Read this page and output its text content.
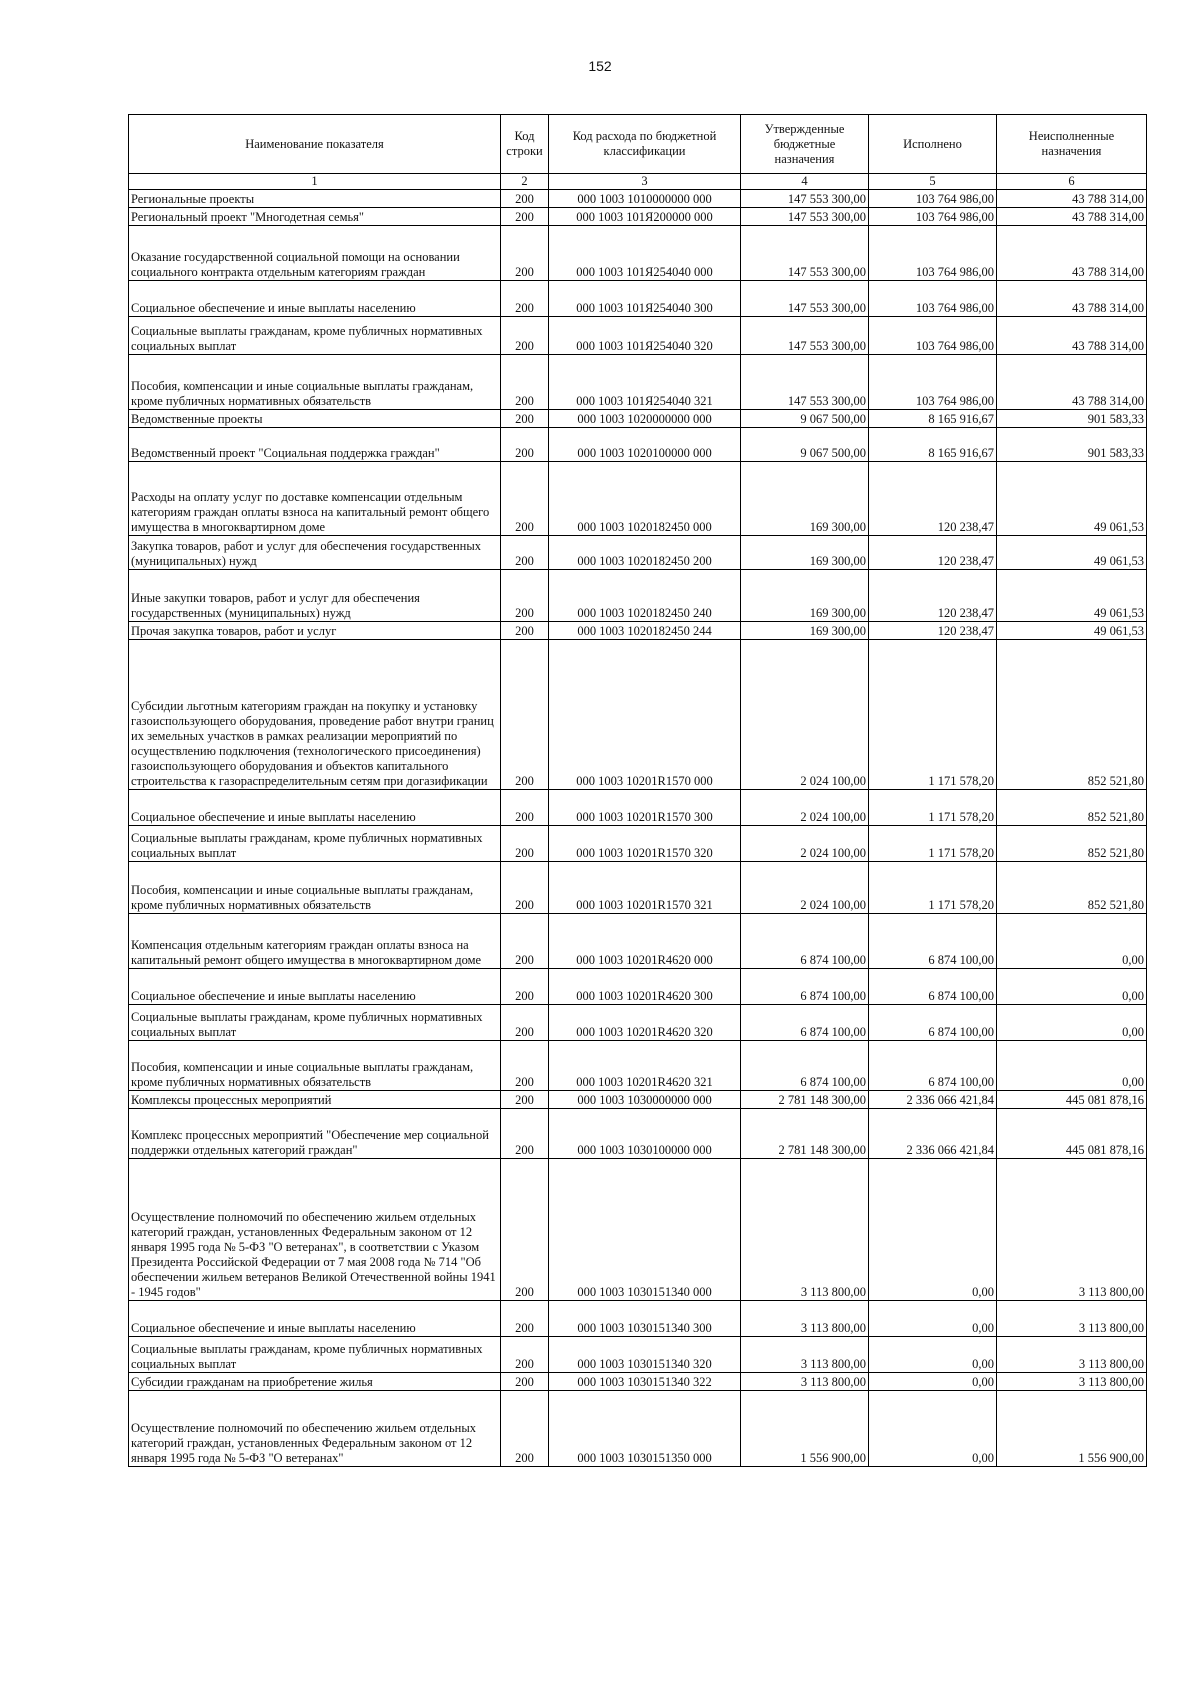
152
Наименование показателя	Код строки	Код расхода по бюджетной классификации	Утвержденные бюджетные назначения	Исполнено	Неисполненные назначения
1	2	3	4	5	6
Региональные проекты	200	000 1003 1010000000 000	147 553 300,00	103 764 986,00	43 788 314,00
Региональный проект "Многодетная семья"	200	000 1003 101Я200000 000	147 553 300,00	103 764 986,00	43 788 314,00
Оказание государственной социальной помощи на основании социального контракта отдельным категориям граждан	200	000 1003 101Я254040 000	147 553 300,00	103 764 986,00	43 788 314,00
Социальное обеспечение и иные выплаты населению	200	000 1003 101Я254040 300	147 553 300,00	103 764 986,00	43 788 314,00
Социальные выплаты гражданам, кроме публичных нормативных социальных выплат	200	000 1003 101Я254040 320	147 553 300,00	103 764 986,00	43 788 314,00
Пособия, компенсации и иные социальные выплаты гражданам, кроме публичных нормативных обязательств	200	000 1003 101Я254040 321	147 553 300,00	103 764 986,00	43 788 314,00
Ведомственные проекты	200	000 1003 1020000000 000	9 067 500,00	8 165 916,67	901 583,33
Ведомственный проект "Социальная поддержка граждан"	200	000 1003 1020100000 000	9 067 500,00	8 165 916,67	901 583,33
Расходы на оплату услуг по доставке компенсации отдельным категориям граждан оплаты взноса на капитальный ремонт общего имущества в многоквартирном доме	200	000 1003 1020182450 000	169 300,00	120 238,47	49 061,53
Закупка товаров, работ и услуг для обеспечения государственных (муниципальных) нужд	200	000 1003 1020182450 200	169 300,00	120 238,47	49 061,53
Иные закупки товаров, работ и услуг для обеспечения государственных (муниципальных) нужд	200	000 1003 1020182450 240	169 300,00	120 238,47	49 061,53
Прочая закупка товаров, работ и услуг	200	000 1003 1020182450 244	169 300,00	120 238,47	49 061,53
Субсидии льготным категориям граждан на покупку и установку газоиспользующего оборудования, проведение работ внутри границ их земельных участков в рамках реализации мероприятий по осуществлению подключения (технологического присоединения) газоиспользующего оборудования и объектов капитального строительства к газораспределительным сетям при догазификации	200	000 1003 10201R1570 000	2 024 100,00	1 171 578,20	852 521,80
Социальное обеспечение и иные выплаты населению	200	000 1003 10201R1570 300	2 024 100,00	1 171 578,20	852 521,80
Социальные выплаты гражданам, кроме публичных нормативных социальных выплат	200	000 1003 10201R1570 320	2 024 100,00	1 171 578,20	852 521,80
Пособия, компенсации и иные социальные выплаты гражданам, кроме публичных нормативных обязательств	200	000 1003 10201R1570 321	2 024 100,00	1 171 578,20	852 521,80
Компенсация отдельным категориям граждан оплаты взноса на капитальный ремонт общего имущества в многоквартирном доме	200	000 1003 10201R4620 000	6 874 100,00	6 874 100,00	0,00
Социальное обеспечение и иные выплаты населению	200	000 1003 10201R4620 300	6 874 100,00	6 874 100,00	0,00
Социальные выплаты гражданам, кроме публичных нормативных социальных выплат	200	000 1003 10201R4620 320	6 874 100,00	6 874 100,00	0,00
Пособия, компенсации и иные социальные выплаты гражданам, кроме публичных нормативных обязательств	200	000 1003 10201R4620 321	6 874 100,00	6 874 100,00	0,00
Комплексы процессных мероприятий	200	000 1003 1030000000 000	2 781 148 300,00	2 336 066 421,84	445 081 878,16
Комплекс процессных мероприятий "Обеспечение мер социальной поддержки отдельных категорий граждан"	200	000 1003 1030100000 000	2 781 148 300,00	2 336 066 421,84	445 081 878,16
Осуществление полномочий по обеспечению жильем отдельных категорий граждан, установленных Федеральным законом от 12 января 1995 года № 5-ФЗ "О ветеранах", в соответствии с Указом Президента Российской Федерации от 7 мая 2008 года № 714 "Об обеспечении жильем ветеранов Великой Отечественной войны 1941 - 1945 годов"	200	000 1003 1030151340 000	3 113 800,00	0,00	3 113 800,00
Социальное обеспечение и иные выплаты населению	200	000 1003 1030151340 300	3 113 800,00	0,00	3 113 800,00
Социальные выплаты гражданам, кроме публичных нормативных социальных выплат	200	000 1003 1030151340 320	3 113 800,00	0,00	3 113 800,00
Субсидии гражданам на приобретение жилья	200	000 1003 1030151340 322	3 113 800,00	0,00	3 113 800,00
Осуществление полномочий по обеспечению жильем отдельных категорий граждан, установленных Федеральным законом от 12 января 1995 года № 5-ФЗ "О ветеранах"	200	000 1003 1030151350 000	1 556 900,00	0,00	1 556 900,00
